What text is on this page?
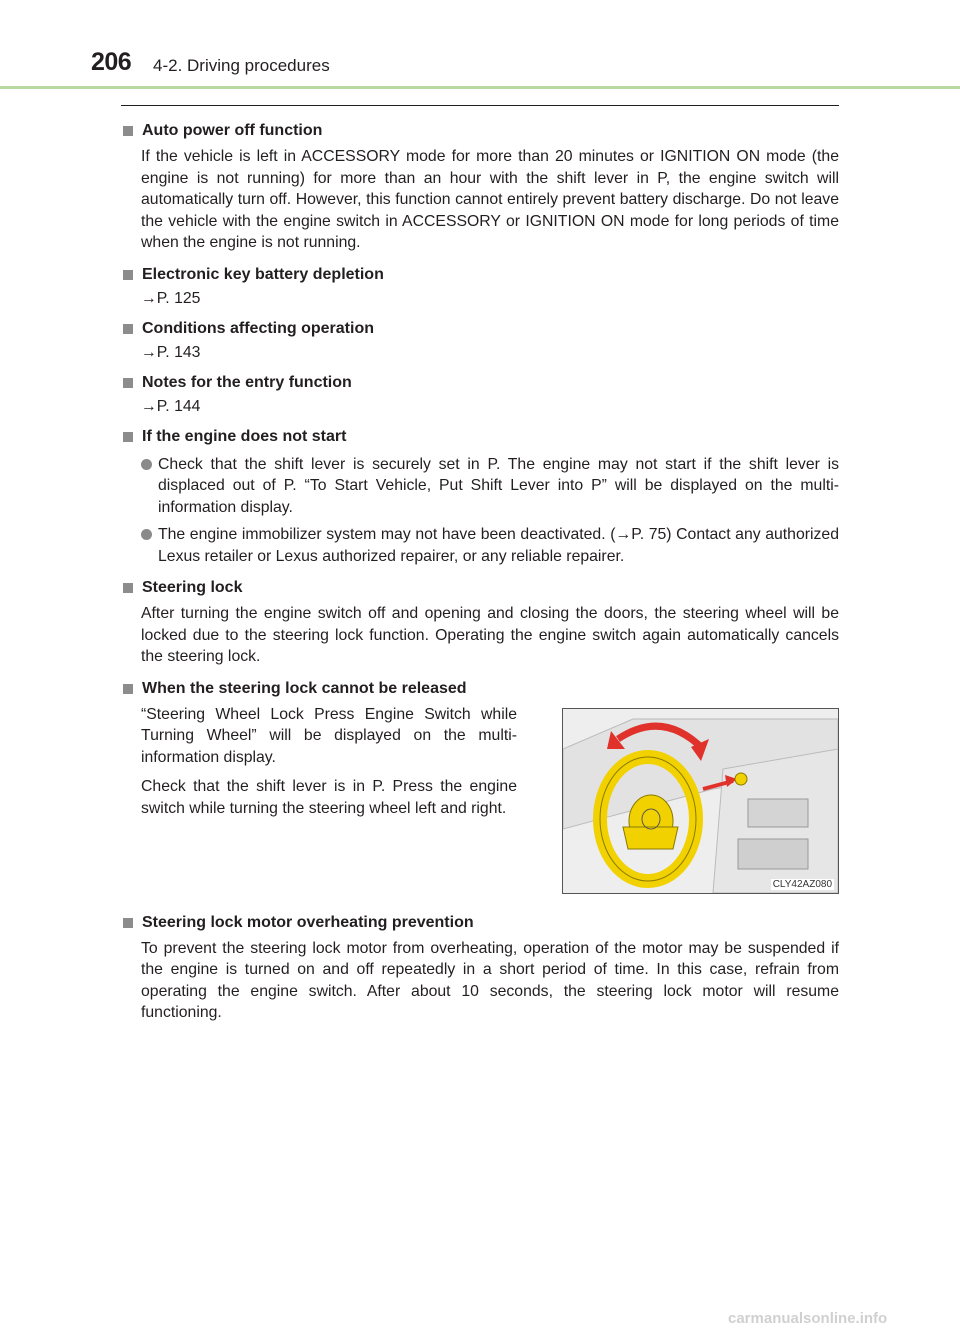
206 4-2. Driving procedures
Auto power off function
If the vehicle is left in ACCESSORY mode for more than 20 minutes or IGNITION ON mode (the engine is not running) for more than an hour with the shift lever in P, the engine switch will automatically turn off. However, this function cannot entirely prevent battery discharge. Do not leave the vehicle with the engine switch in ACCESSORY or IGNITION ON mode for long periods of time when the engine is not running.
Electronic key battery depletion
→P. 125
Conditions affecting operation
→P. 143
Notes for the entry function
→P. 144
If the engine does not start
Check that the shift lever is securely set in P. The engine may not start if the shift lever is displaced out of P. “To Start Vehicle, Put Shift Lever into P” will be displayed on the multi-information display.
The engine immobilizer system may not have been deactivated. (→P. 75) Contact any authorized Lexus retailer or Lexus authorized repairer, or any reliable repairer.
Steering lock
After turning the engine switch off and opening and closing the doors, the steering wheel will be locked due to the steering lock function. Operating the engine switch again automatically cancels the steering lock.
When the steering lock cannot be released

“Steering Wheel Lock Press Engine Switch while Turning Wheel” will be displayed on the multi-information display.

Check that the shift lever is in P. Press the engine switch while turning the steering wheel left and right.

CLY42AZ080
Steering lock motor overheating prevention
To prevent the steering lock motor from overheating, operation of the motor may be suspended if the engine is turned on and off repeatedly in a short period of time. In this case, refrain from operating the engine switch. After about 10 seconds, the steering lock motor will resume functioning.
carmanualsonline.info
